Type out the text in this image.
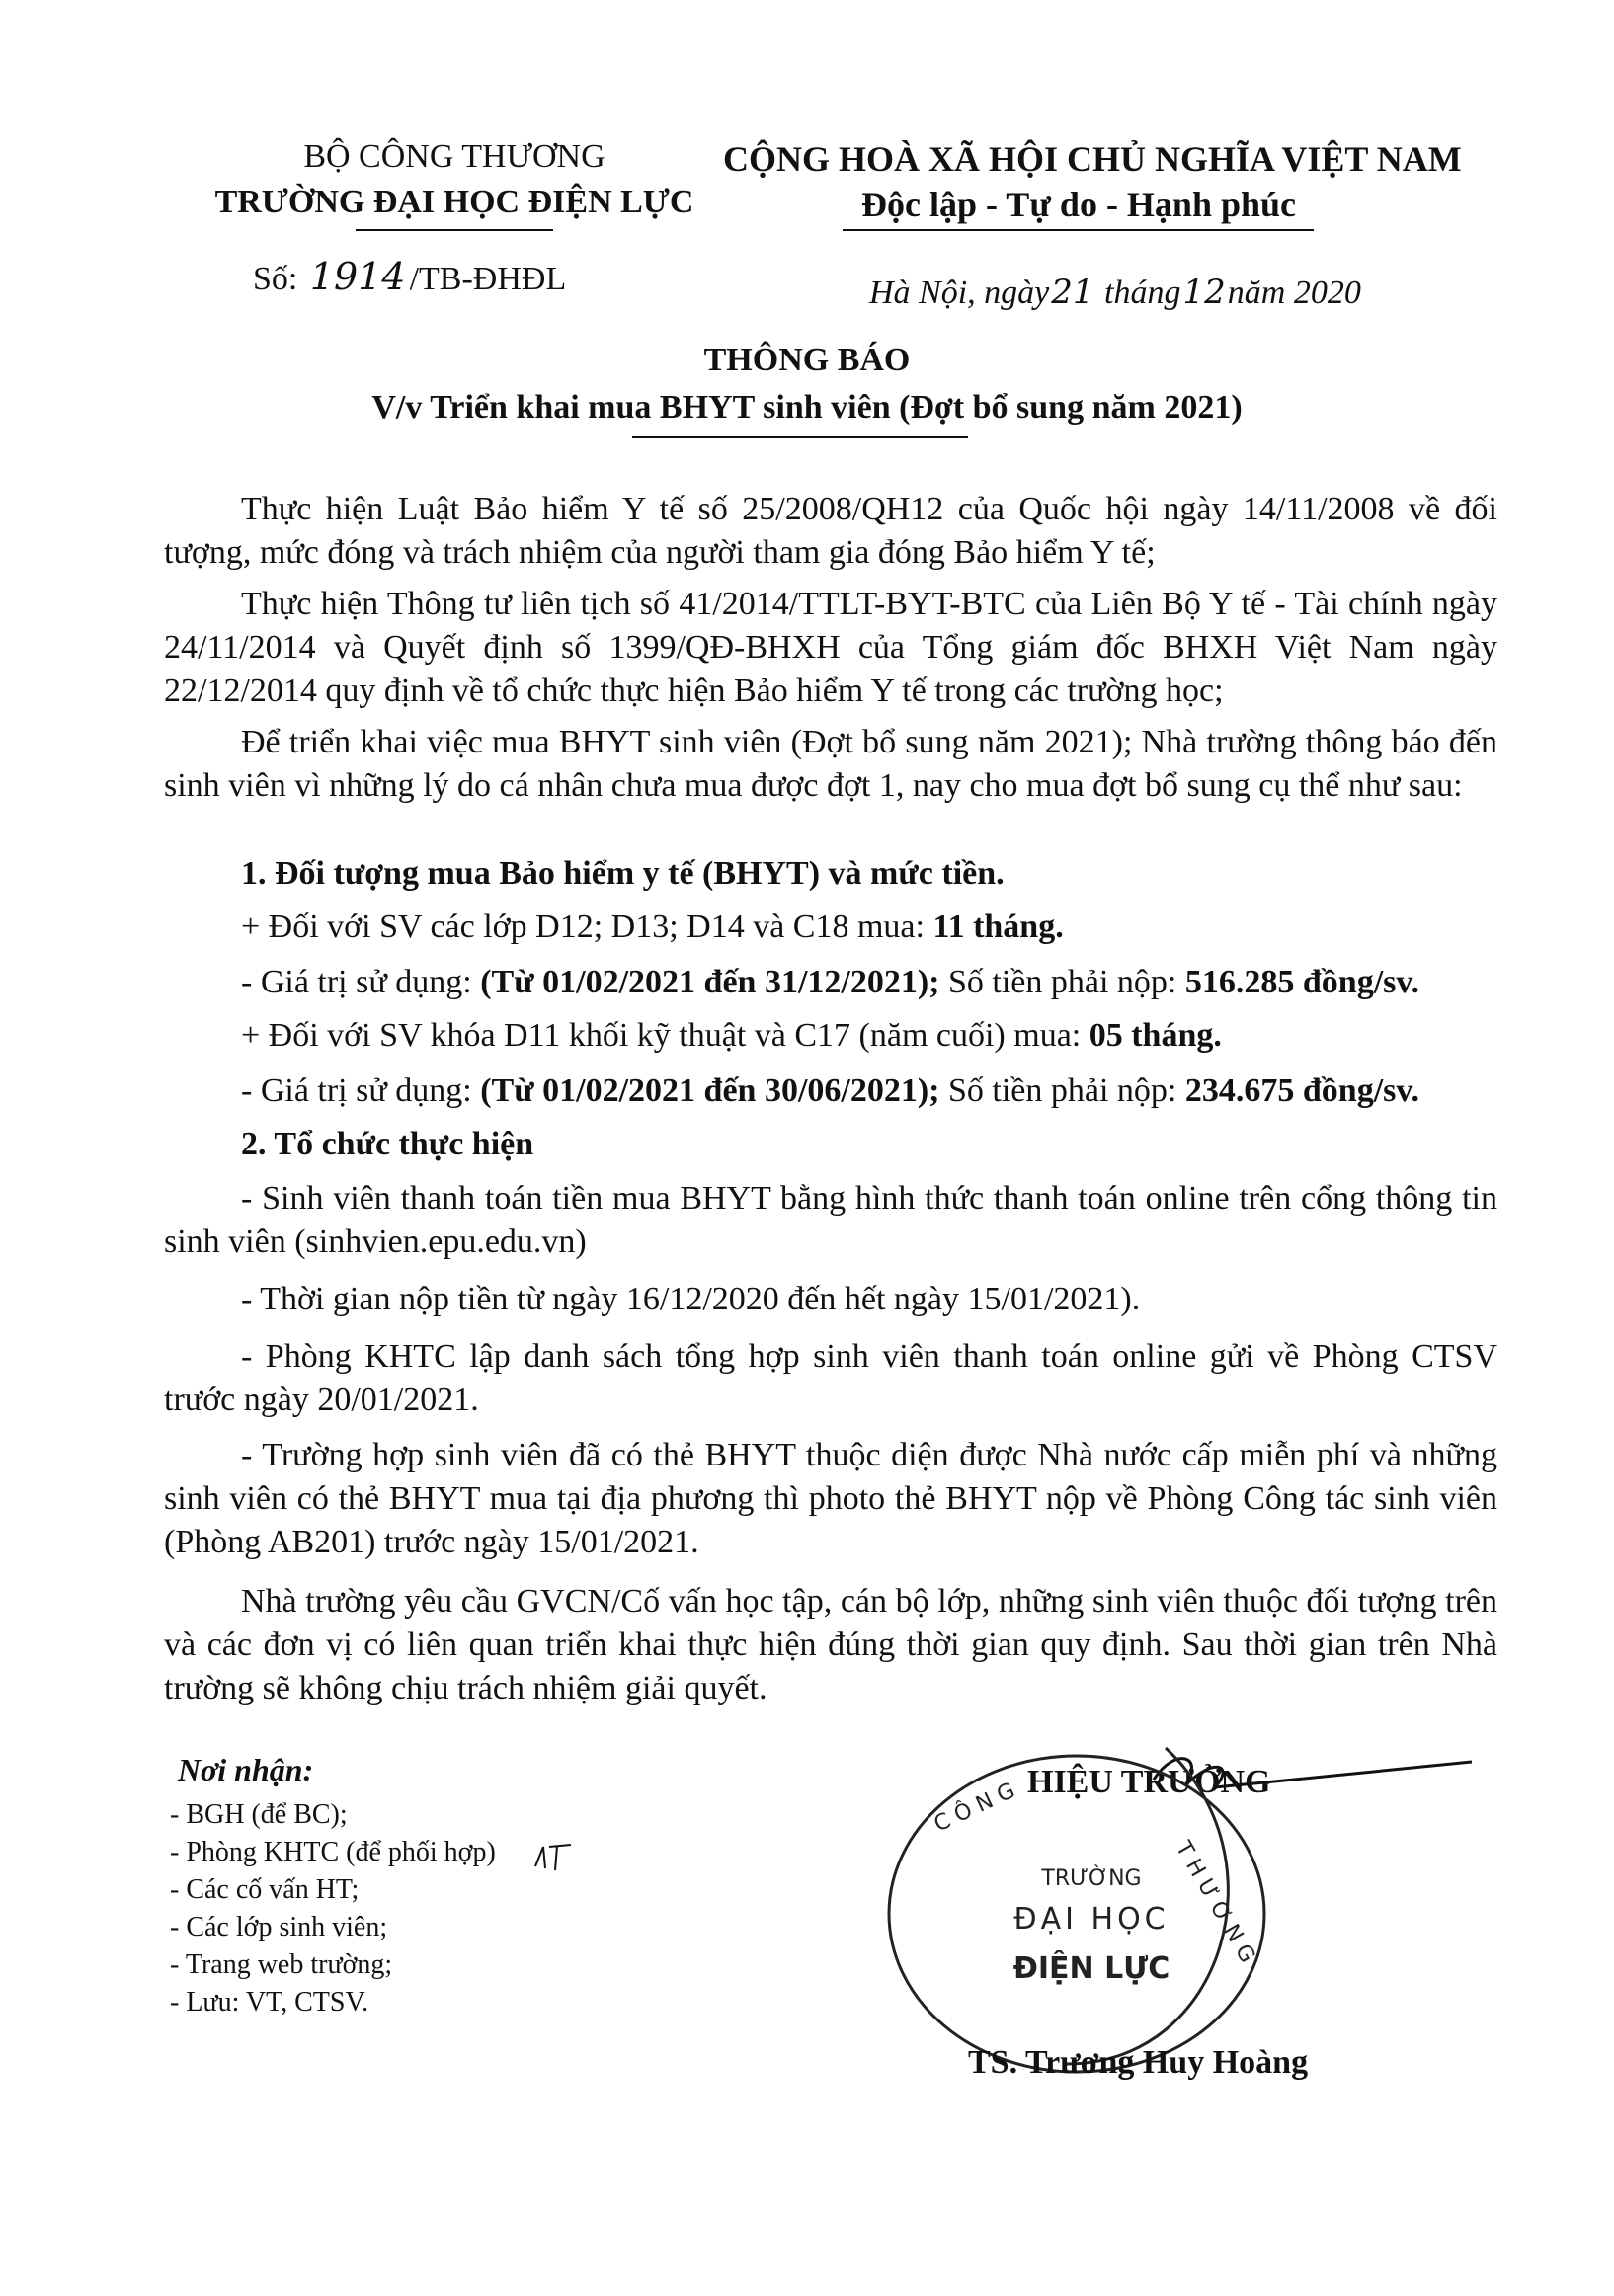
BỘ CÔNG THƯƠNG
TRƯỜNG ĐẠI HỌC ĐIỆN LỰC
Số: 1914 /TB-ĐHĐL
CỘNG HOÀ XÃ HỘI CHỦ NGHĨA VIỆT NAM
Độc lập - Tự do - Hạnh phúc
Hà Nội, ngày21 tháng12năm 2020
THÔNG BÁO
V/v Triển khai mua BHYT sinh viên (Đợt bổ sung năm 2021)
Thực hiện Luật Bảo hiểm Y tế số 25/2008/QH12 của Quốc hội ngày 14/11/2008 về đối tượng, mức đóng và trách nhiệm của người tham gia đóng Bảo hiểm Y tế;
Thực hiện Thông tư liên tịch số 41/2014/TTLT-BYT-BTC của Liên Bộ Y tế - Tài chính ngày 24/11/2014 và Quyết định số 1399/QĐ-BHXH của Tổng giám đốc BHXH Việt Nam ngày 22/12/2014 quy định về tổ chức thực hiện Bảo hiểm Y tế trong các trường học;
Để triển khai việc mua BHYT sinh viên (Đợt bổ sung năm 2021); Nhà trường thông báo đến sinh viên vì những lý do cá nhân chưa mua được đợt 1, nay cho mua đợt bổ sung cụ thể như sau:
1. Đối tượng mua Bảo hiểm y tế (BHYT) và mức tiền.
+ Đối với SV các lớp D12; D13; D14 và C18 mua: 11 tháng.
- Giá trị sử dụng: (Từ 01/02/2021 đến 31/12/2021); Số tiền phải nộp: 516.285 đồng/sv.
+ Đối với SV khóa D11 khối kỹ thuật và C17 (năm cuối) mua: 05 tháng.
- Giá trị sử dụng: (Từ 01/02/2021 đến 30/06/2021); Số tiền phải nộp: 234.675 đồng/sv.
2. Tổ chức thực hiện
- Sinh viên thanh toán tiền mua BHYT bằng hình thức thanh toán online trên cổng thông tin sinh viên (sinhvien.epu.edu.vn)
- Thời gian nộp tiền từ ngày 16/12/2020 đến hết ngày 15/01/2021).
- Phòng KHTC lập danh sách tổng hợp sinh viên thanh toán online gửi về Phòng CTSV trước ngày 20/01/2021.
- Trường hợp sinh viên đã có thẻ BHYT thuộc diện được Nhà nước cấp miễn phí và những sinh viên có thẻ BHYT mua tại địa phương thì photo thẻ BHYT nộp về Phòng Công tác sinh viên (Phòng AB201) trước ngày 15/01/2021.
Nhà trường yêu cầu GVCN/Cố vấn học tập, cán bộ lớp, những sinh viên thuộc đối tượng trên và các đơn vị có liên quan triển khai thực hiện đúng thời gian quy định. Sau thời gian trên Nhà trường sẽ không chịu trách nhiệm giải quyết.
Nơi nhận:
- BGH (để BC);
- Phòng KHTC (để phối hợp)
- Các cố vấn HT;
- Các lớp sinh viên;
- Trang web trường;
- Lưu: VT, CTSV.
HIỆU TRƯỞNG
C Ô N G
T H Ư Ơ N G
TRƯỜNG
ĐẠI HỌC
ĐIỆN LỰC
TS. Trương Huy Hoàng
